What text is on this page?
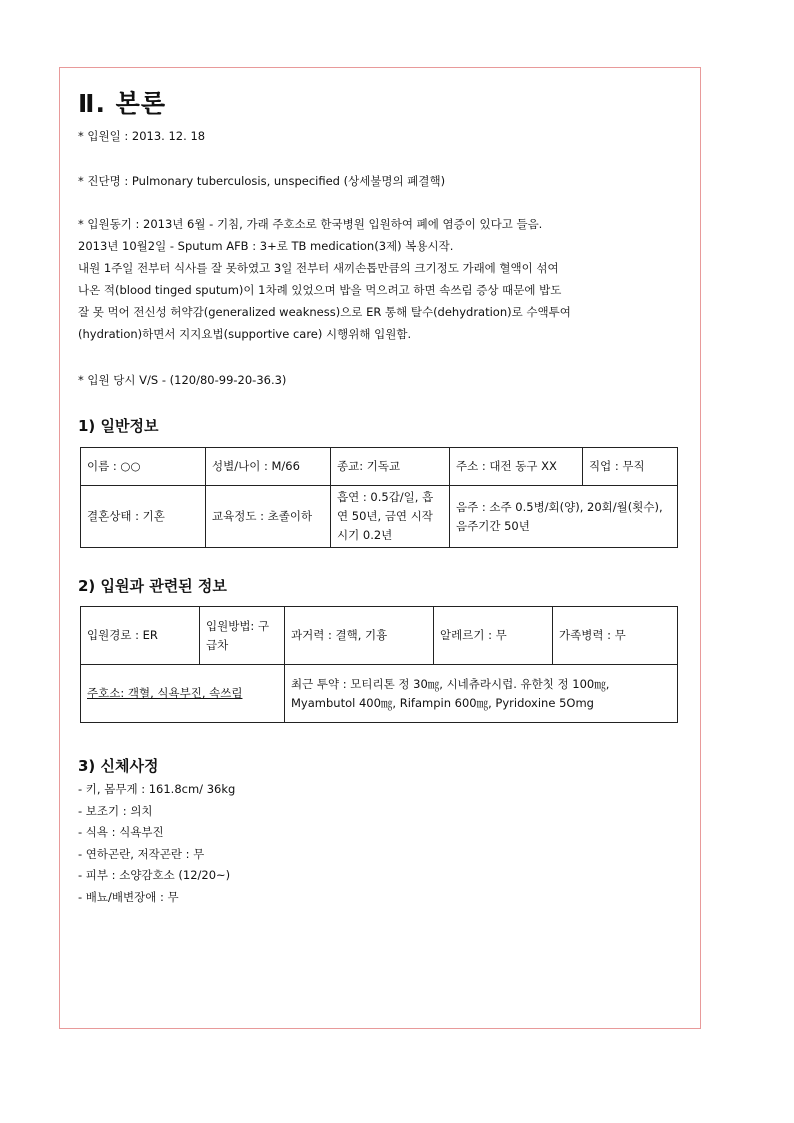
Ⅱ. 본론
* 입원일 : 2013. 12. 18
* 진단명 : Pulmonary tuberculosis, unspecified (상세불명의 폐결핵)
* 입원동기 : 2013년 6월 - 기침, 가래 주호소로 한국병원 입원하여 폐에 염증이 있다고 들음.
2013년 10월2일 - Sputum AFB : 3+로 TB medication(3제) 복용시작.
내원 1주일 전부터 식사를 잘 못하였고 3일 전부터 새끼손톱만큼의 크기정도 가래에 혈액이 섞여
나온 적(blood tinged sputum)이 1차례 있었으며 밥을 먹으려고 하면 속쓰림 증상 때문에 밥도
잘 못 먹어 전신성 허약감(generalized weakness)으로 ER 통해 탈수(dehydration)로 수액투여
(hydration)하면서 지지요법(supportive care) 시행위해 입원함.
* 입원 당시 V/S - (120/80-99-20-36.3)
1) 일반정보
이름 : ○○	성별/나이 : M/66	종교: 기독교	주소 : 대전 동구 XX	직업 : 무직
결혼상태 : 기혼	교육정도 : 초졸이하	흡연 : 0.5갑/일, 흡연 50년, 금연 시작시기 0.2년	음주 : 소주 0.5병/회(양), 20회/월(횟수), 음주기간 50년	
2) 입원과 관련된 정보
입원경로 : ER	입원방법: 구급차	과거력 : 결핵, 기흉	알레르기 : 무	가족병력 : 무
주호소: 객혈, 식욕부진, 속쓰림		최근 투약 : 모티리톤 정 30㎎, 시네츄라시럽. 유한칫 정 100㎎, Myambutol 400㎎, Rifampin 600㎎, Pyridoxine 5Omg		
3) 신체사정
- 키, 몸무게 : 161.8cm/ 36kg
- 보조기 : 의치
- 식욕 : 식욕부진
- 연하곤란, 저작곤란 : 무
- 피부 : 소양감호소 (12/20~)
- 배뇨/배변장애 : 무
